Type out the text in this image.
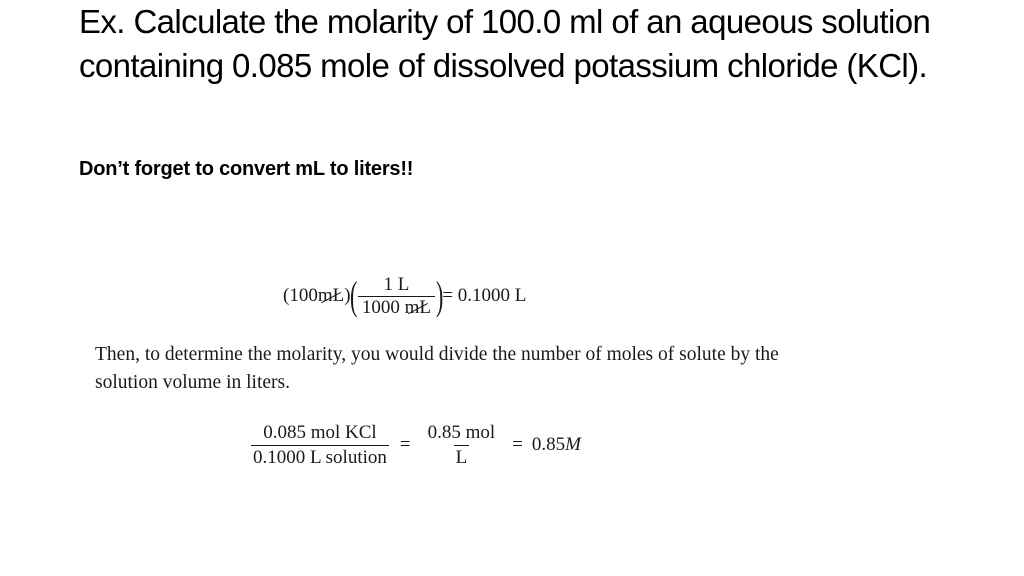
Ex. Calculate the molarity of 100.0 ml of an aqueous solution containing 0.085 mole of dissolved potassium chloride (KCl).
Don’t forget to convert mL to liters!!
(100 mL )
( $\frac{1 L}{1000 mL}$ )
= 0.1000 L

Then, to determine the molarity, you would divide the number of moles of solute by the solution volume in liters.

$\frac{\text{0.085 mol KCl}}{\text{0.1000 L solution}} = \frac{\text{0.85 mol}}{L} = 0.85M$
